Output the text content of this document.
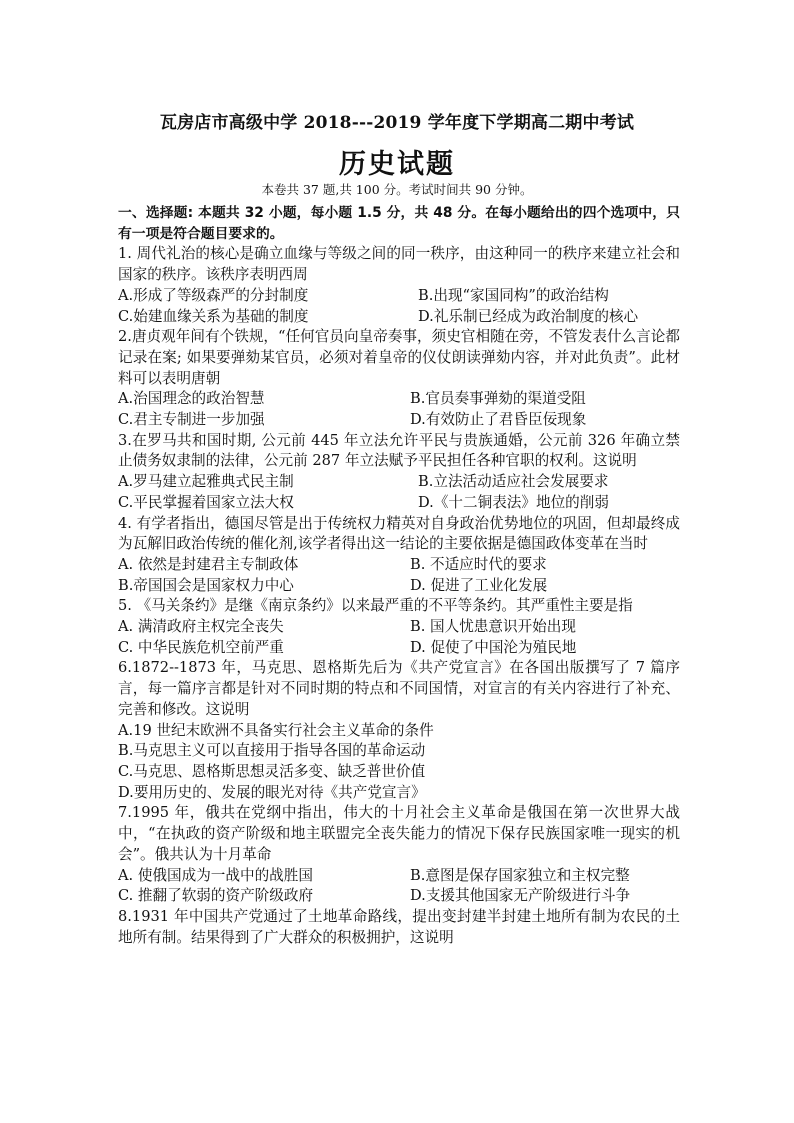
瓦房店市高级中学 2018---2019 学年度下学期高二期中考试
历史试题
本卷共 37 题,共 100 分。考试时间共 90 分钟。

一、选择题: 本题共 32 小题，每小题 1.5 分，共 48 分。在每小题给出的四个选项中，只有一项是符合题目要求的。

1. 周代礼治的核心是确立血缘与等级之间的同一秩序，由这种同一的秩序来建立社会和国家的秩序。该秩序表明西周

A.形成了等级森严的分封制度	B.出现“家国同构”的政治结构
C.始建血缘关系为基础的制度	D.礼乐制已经成为政治制度的核心

2.唐贞观年间有个铁规，“任何官员向皇帝奏事，须史官相随在旁，不管发表什么言论都记录在案; 如果要弹劾某官员，必须对着皇帝的仪仗朗读弹劾内容，并对此负责”。此材料可以表明唐朝

A.治国理念的政治智慧	B.官员奏事弹劾的渠道受阻
C.君主专制进一步加强	D.有效防止了君昏臣佞现象

3.在罗马共和国时期, 公元前 445 年立法允许平民与贵族通婚，公元前 326 年确立禁止债务奴隶制的法律，公元前 287 年立法赋予平民担任各种官职的权利。这说明

A.罗马建立起雅典式民主制	B.立法活动适应社会发展要求
C.平民掌握着国家立法大权	D.《十二铜表法》地位的削弱

4. 有学者指出，德国尽管是出于传统权力精英对自身政治优势地位的巩固，但却最终成为瓦解旧政治传统的催化剂,该学者得出这一结论的主要依据是德国政体变革在当时

A. 依然是封建君主专制政体	B. 不适应时代的要求
B.帝国国会是国家权力中心	D. 促进了工业化发展

5. 《马关条约》是继《南京条约》以来最严重的不平等条约。其严重性主要是指

A. 满清政府主权完全丧失	B. 国人忧患意识开始出现
C. 中华民族危机空前严重	D. 促使了中国沦为殖民地

6.1872--1873 年，马克思、恩格斯先后为《共产党宣言》在各国出版撰写了 7 篇序言，每一篇序言都是针对不同时期的特点和不同国情，对宣言的有关内容进行了补充、完善和修改。这说明

A.19 世纪末欧洲不具备实行社会主义革命的条件

B.马克思主义可以直接用于指导各国的革命运动

C.马克思、恩格斯思想灵活多变、缺乏普世价值

D.要用历史的、发展的眼光对待《共产党宣言》

7.1995 年，俄共在党纲中指出，伟大的十月社会主义革命是俄国在第一次世界大战中，“在执政的资产阶级和地主联盟完全丧失能力的情况下保存民族国家唯一现实的机会”。俄共认为十月革命

A. 使俄国成为一战中的战胜国	B.意图是保存国家独立和主权完整
C. 推翻了软弱的资产阶级政府	D.支援其他国家无产阶级进行斗争

8.1931 年中国共产党通过了土地革命路线，提出变封建半封建土地所有制为农民的土地所有制。结果得到了广大群众的积极拥护，这说明
